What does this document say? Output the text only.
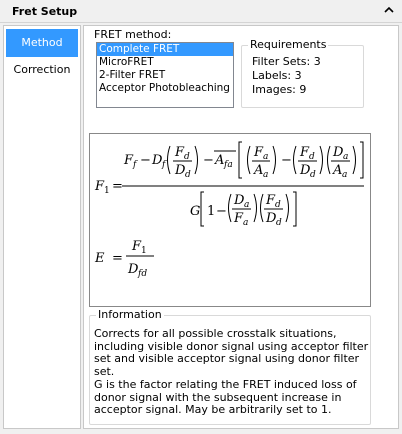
Fret Setup
Method
Correction
FRET method:
Complete FRET
MicroFRET
2-Filter FRET
Acceptor Photobleaching
Requirements
Filter Sets: 3
Labels: 3
Images: 9
F 1 =
F f − D f
F d
D d
− A fa
F a
A a
−
F d
D d
D a
A a
G 1 −
D a
F a
F d
D d
E =
F 1
D fd
Information

Corrects for all possible crosstalk situations, including visible donor signal using acceptor filter set and visible acceptor signal using donor filter set.

G is the factor relating the FRET induced loss of donor signal with the subsequent increase in acceptor signal. May be arbitrarily set to 1.
